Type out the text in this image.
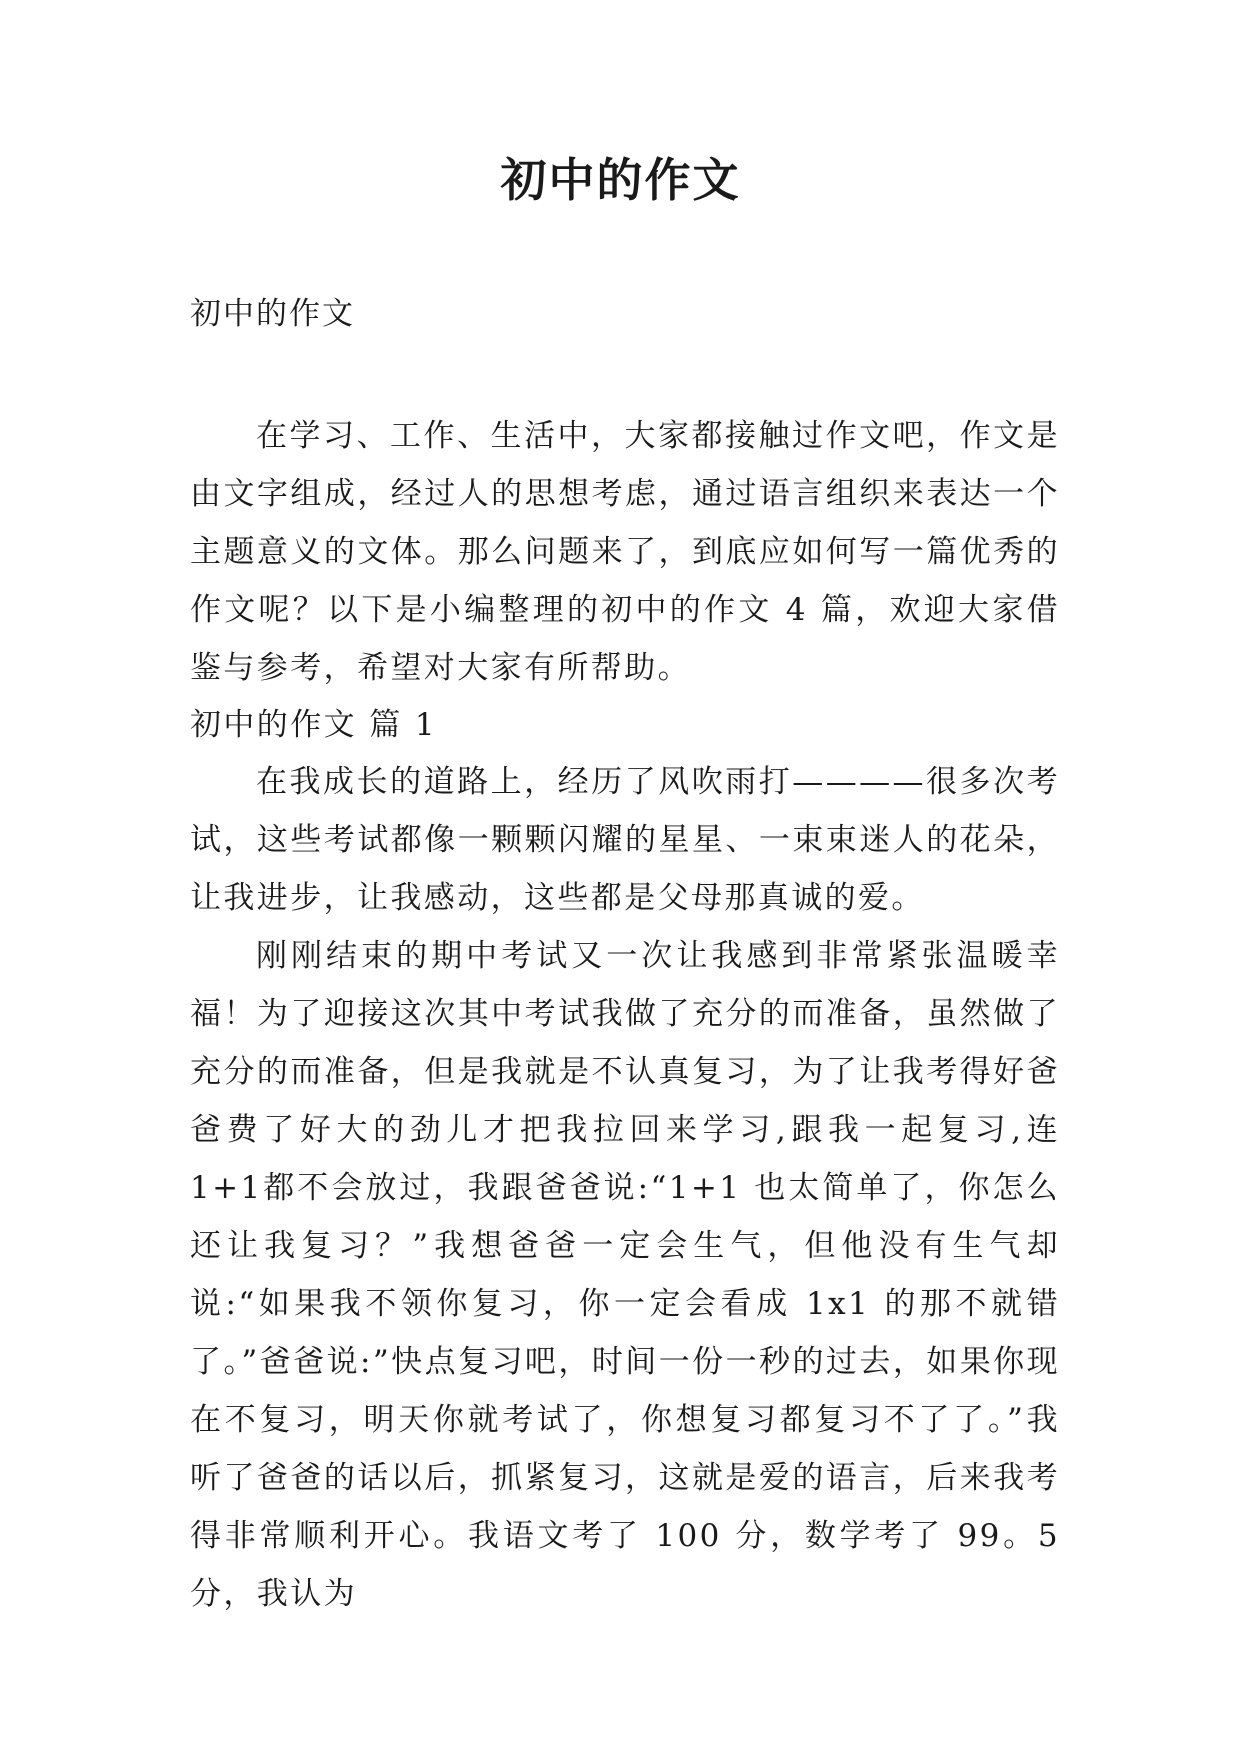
初中的作文
初中的作文

在学习、工作、生活中，大家都接触过作文吧，作文是由文字组成，经过人的思想考虑，通过语言组织来表达一个主题意义的文体。那么问题来了，到底应如何写一篇优秀的作文呢？以下是小编整理的初中的作文 4 篇，欢迎大家借鉴与参考，希望对大家有所帮助。

初中的作文 篇 1

在我成长的道路上，经历了风吹雨打————很多次考试，这些考试都像一颗颗闪耀的星星、一束束迷人的花朵，让我进步，让我感动，这些都是父母那真诚的爱。

刚刚结束的期中考试又一次让我感到非常紧张温暖幸福！为了迎接这次其中考试我做了充分的而准备，虽然做了充分的而准备，但是我就是不认真复习，为了让我考得好爸爸费了好大的劲儿才把我拉回来学习,跟我一起复习,连 1+1都不会放过，我跟爸爸说:“1+1 也太简单了，你怎么还让我复习？”我想爸爸一定会生气，但他没有生气却说:“如果我不领你复习，你一定会看成 1x1 的那不就错了。”爸爸说:”快点复习吧，时间一份一秒的过去，如果你现在不复习，明天你就考试了，你想复习都复习不了了。”我听了爸爸的话以后，抓紧复习，这就是爱的语言，后来我考得非常顺利开心。我语文考了 100 分，数学考了 99。5 分，我认为
